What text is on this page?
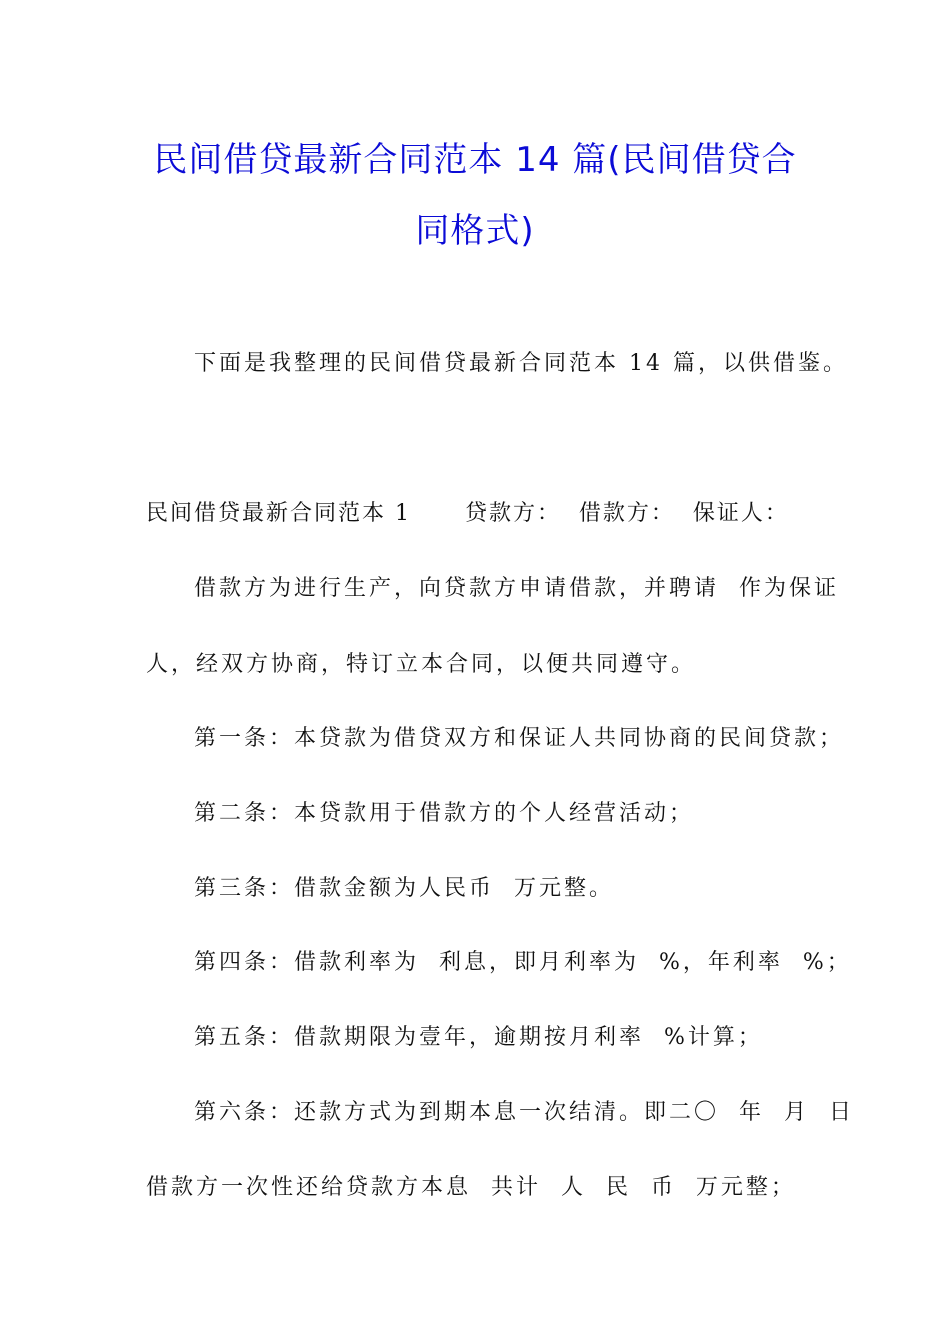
民间借贷最新合同范本 14 篇(民间借贷合
同格式)
下面是我整理的民间借贷最新合同范本 14 篇，以供借鉴。
民间借贷最新合同范本 1      贷款方：  借款方：  保证人：
借款方为进行生产，向贷款方申请借款，并聘请  作为保证
人，经双方协商，特订立本合同，以便共同遵守。
第一条：本贷款为借贷双方和保证人共同协商的民间贷款；
第二条：本贷款用于借款方的个人经营活动；
第三条：借款金额为人民币  万元整。
第四条：借款利率为  利息，即月利率为  %，年利率  %；
第五条：借款期限为壹年，逾期按月利率  %计算；
第六条：还款方式为到期本息一次结清。即二〇  年  月  日
借款方一次性还给贷款方本息  共计  人  民  币  万元整；
